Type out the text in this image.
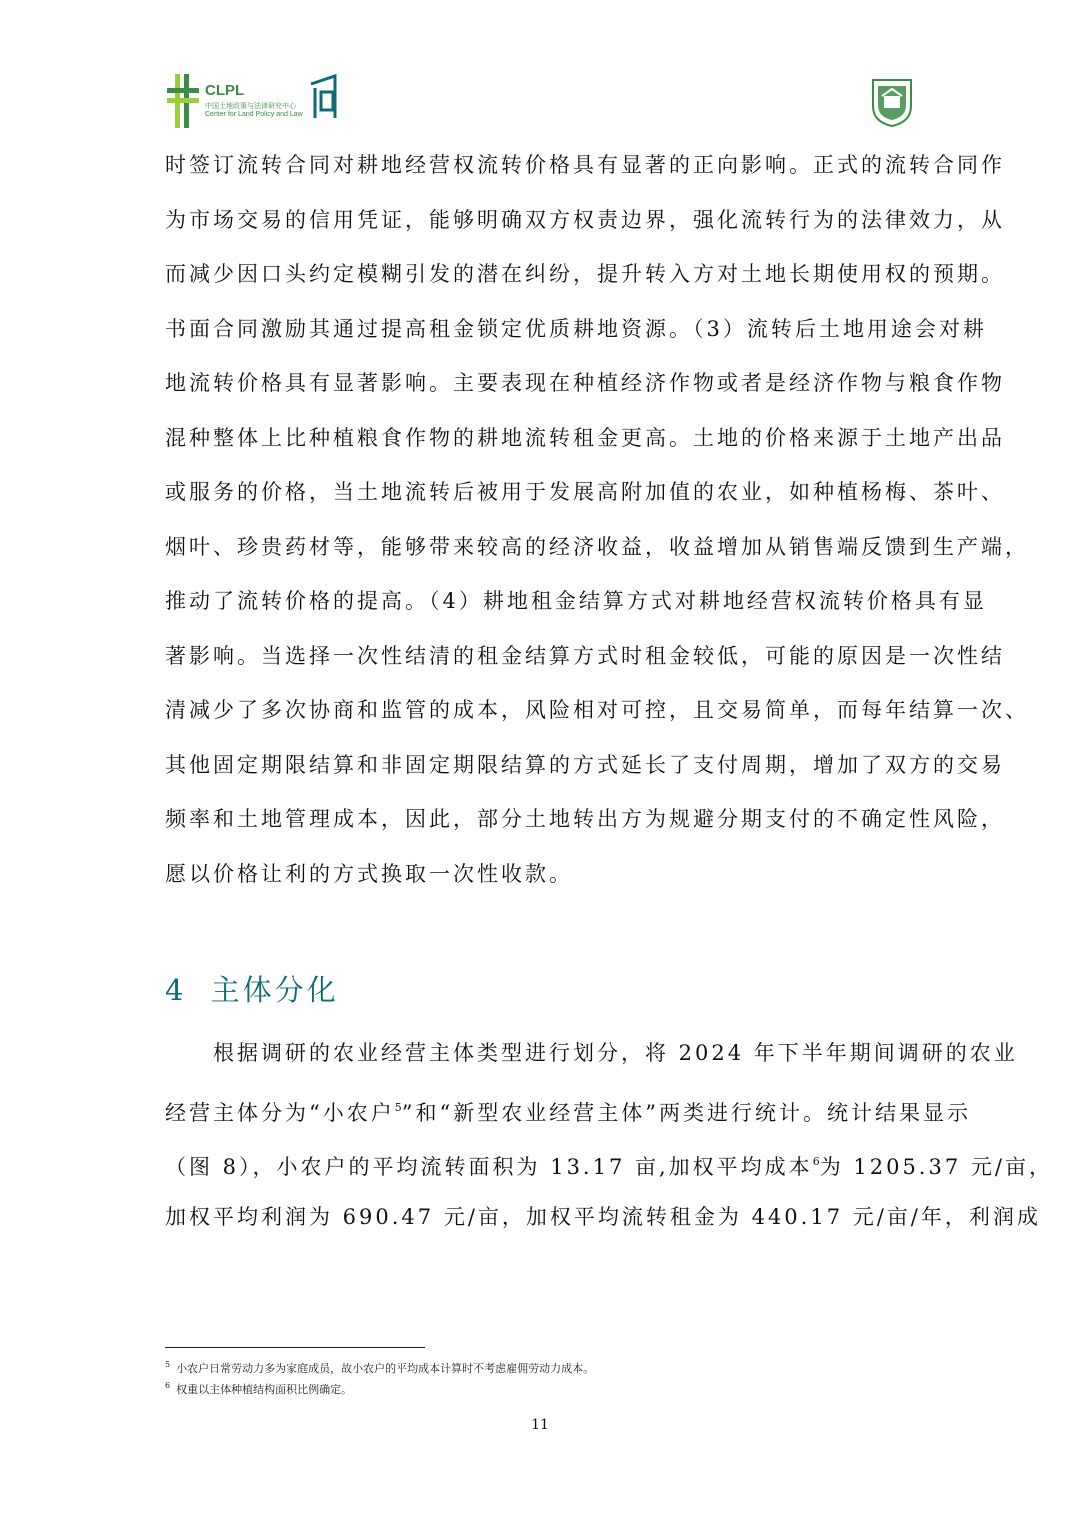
CLPL
中国土地政策与法律研究中心
Center for Land Policy and Law
时签订流转合同对耕地经营权流转价格具有显著的正向影响。正式的流转合同作
为市场交易的信用凭证，能够明确双方权责边界，强化流转行为的法律效力，从
而减少因口头约定模糊引发的潜在纠纷，提升转入方对土地长期使用权的预期。
书面合同激励其通过提高租金锁定优质耕地资源。（3）流转后土地用途会对耕
地流转价格具有显著影响。主要表现在种植经济作物或者是经济作物与粮食作物
混种整体上比种植粮食作物的耕地流转租金更高。土地的价格来源于土地产出品
或服务的价格，当土地流转后被用于发展高附加值的农业，如种植杨梅、茶叶、
烟叶、珍贵药材等，能够带来较高的经济收益，收益增加从销售端反馈到生产端，
推动了流转价格的提高。（4）耕地租金结算方式对耕地经营权流转价格具有显
著影响。当选择一次性结清的租金结算方式时租金较低，可能的原因是一次性结
清减少了多次协商和监管的成本，风险相对可控，且交易简单，而每年结算一次、
其他固定期限结算和非固定期限结算的方式延长了支付周期，增加了双方的交易
频率和土地管理成本，因此，部分土地转出方为规避分期支付的不确定性风险，
愿以价格让利的方式换取一次性收款。
4 主体分化
　　根据调研的农业经营主体类型进行划分，将 2024 年下半年期间调研的农业
经营主体分为“小农户$^5$”和“新型农业经营主体”两类进行统计。统计结果显示
（图 8），小农户的平均流转面积为 13.17 亩,加权平均成本$^6$为 1205.37 元/亩，
加权平均利润为 690.47 元/亩，加权平均流转租金为 440.17 元/亩/年，利润成
$^5$ 小农户日常劳动力多为家庭成员，故小农户的平均成本计算时不考虑雇佣劳动力成本。
$^6$ 权重以主体种植结构面积比例确定。
11
